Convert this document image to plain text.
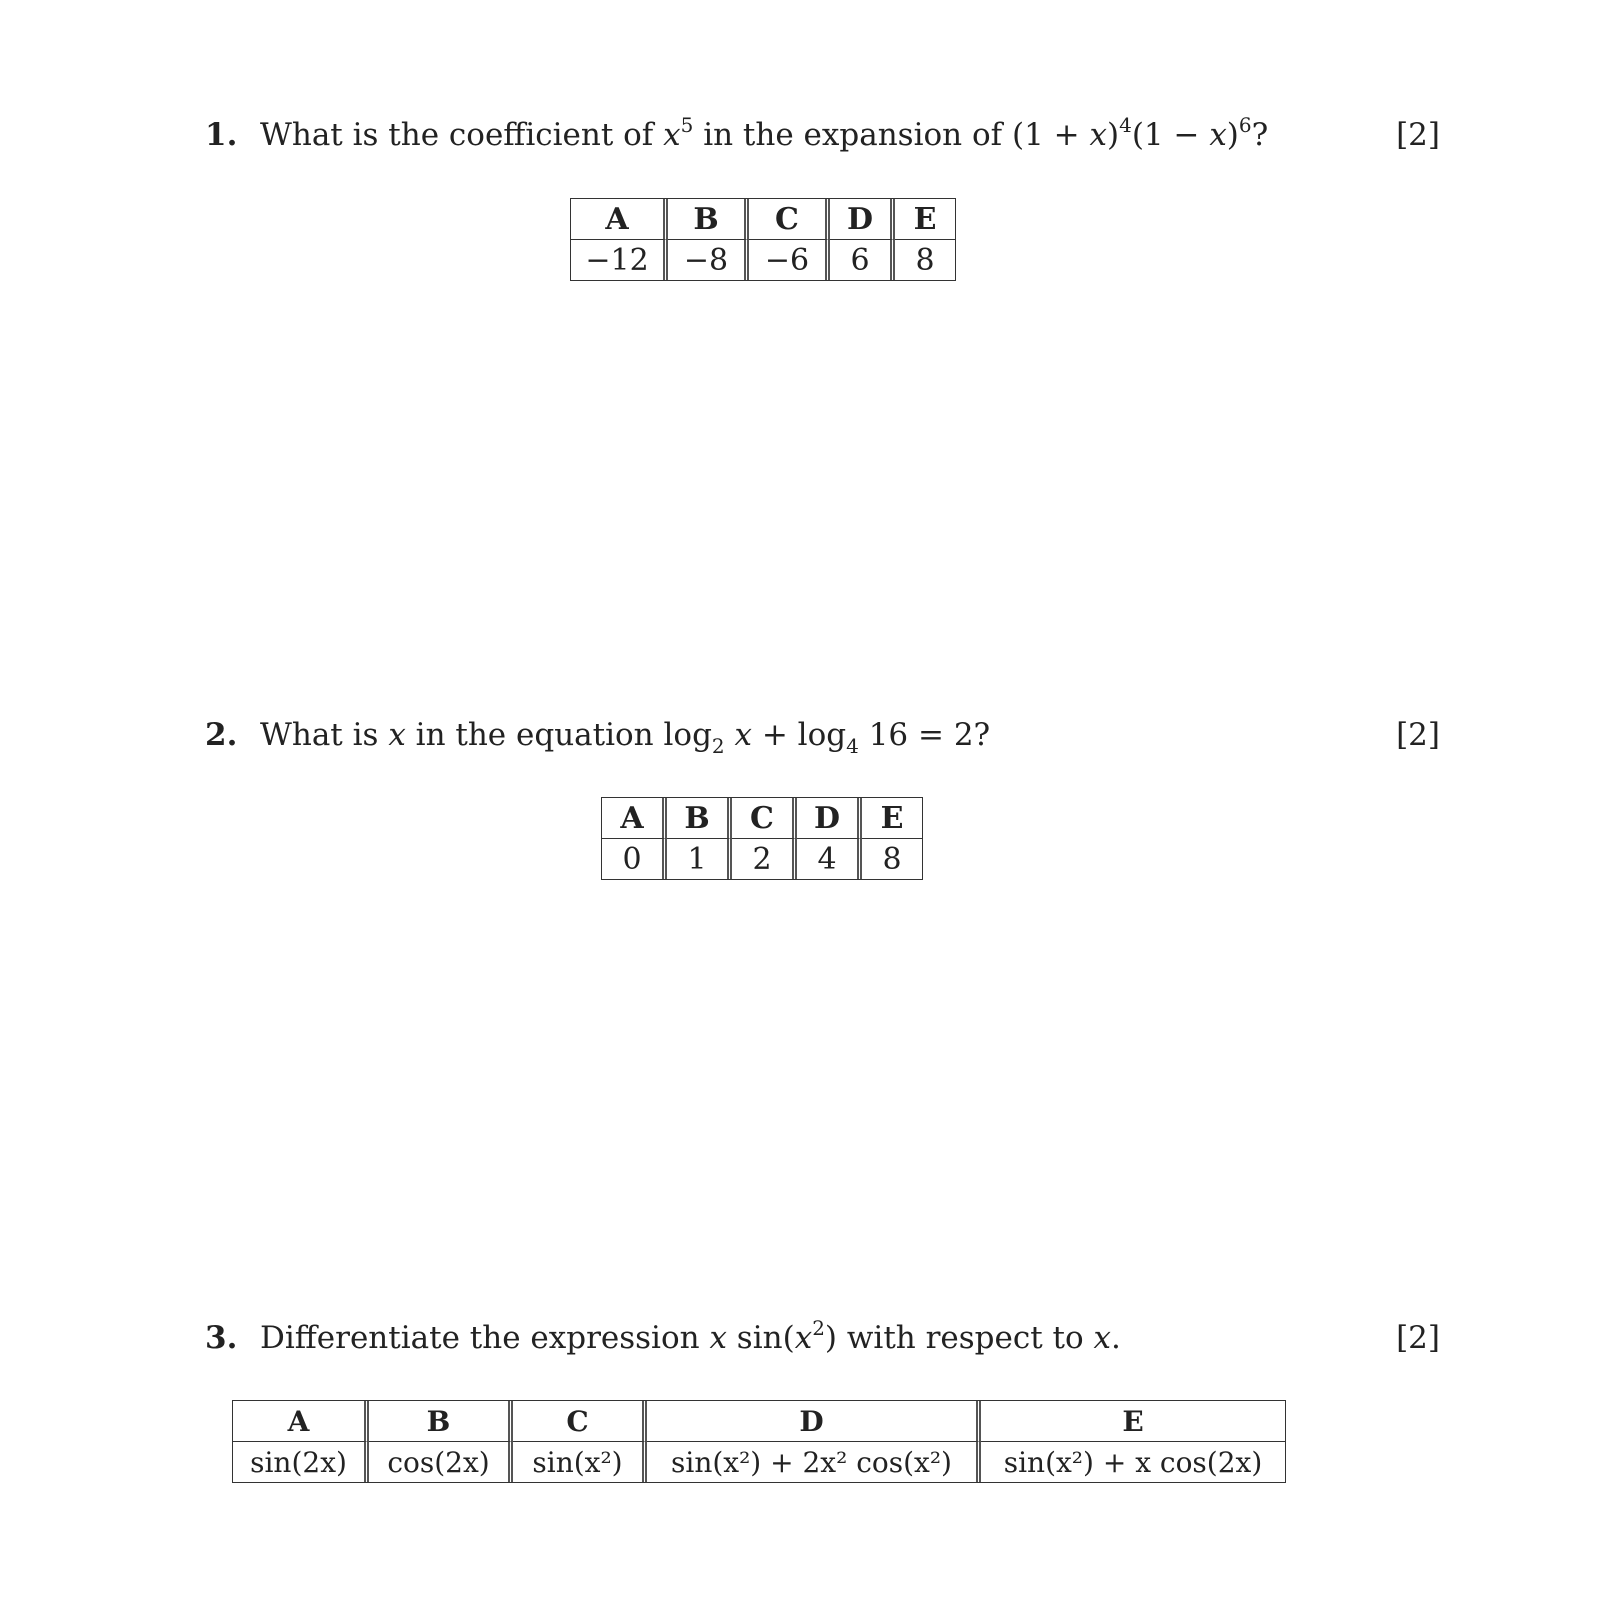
1. What is the coefficient of $x^5$ in the expansion of $(1 + x)^4(1 - x)^6$?	[2]
A	B	C	D	E
−12	−8	−6	6	8
2. What is x in the equation $\log_2 x + \log_4 16 = 2$?	[2]
A	B	C	D	E
0	1	2	4	8
3. Differentiate the expression x $\sin(x^2)$ with respect to x.	[2]
A	B	C	D	E
sin(2x)	cos(2x)	sin(x²)	sin(x²) + 2x² cos(x²)	sin(x²) + x cos(2x)
